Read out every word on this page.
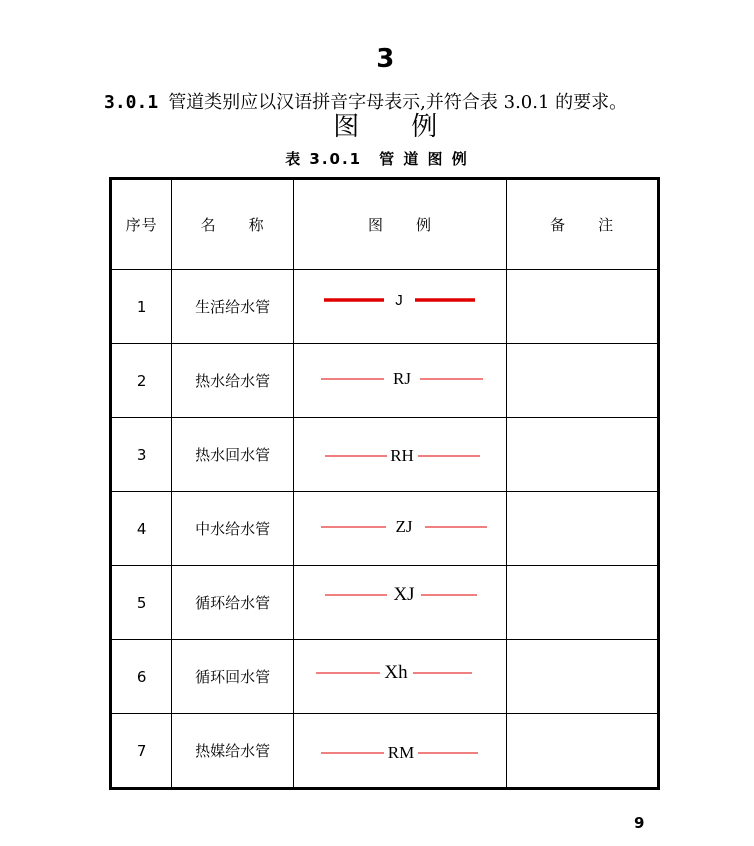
3

图　　例

3.0.1 管道类别应以汉语拼音字母表示,并符合表 3.0.1 的要求。
表 3.0.1　管 道 图 例
序号	名　　称	图　　例	备　　注
1	生活给水管	J	

2	热水给水管	RJ	

3	热水回水管	RH	

4	中水给水管	ZJ	

5	循环给水管	XJ	

6	循环回水管	Xh	

7	热媒给水管	RM	

9
